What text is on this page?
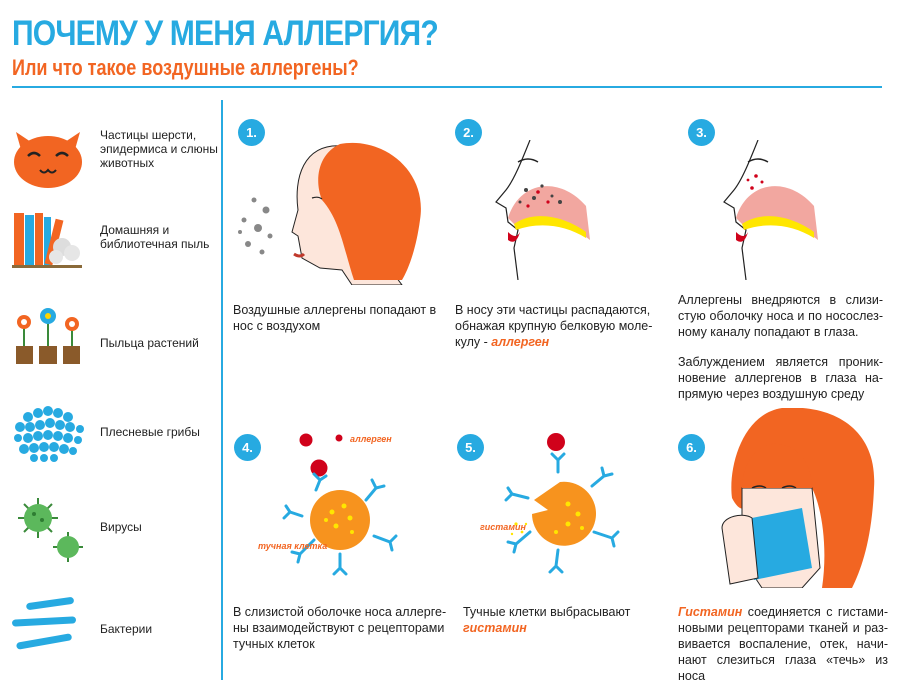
ПОЧЕМУ У МЕНЯ АЛЛЕРГИЯ?
Или что такое воздушные аллергены?
Частицы шерсти, эпидермиса и слюны животных
Домашняя и библиотечная пыль
Пыльца растений
Плесневые грибы
Вирусы
Бактерии
1.	2.	3.
4.	5.	6.
аллерген
тучная клетка
гистамин
Воздушные аллергены попадают в нос с воздухом
В носу эти частицы распадаются, обнажая крупную белковую моле-кулу - аллерген
Аллергены внедряются в слизи-стую оболочку носа и по носослез-ному каналу попадают в глаза.
Заблуждением является проник-новение аллергенов в глаза на-прямую через воздушную среду
В слизистой оболочке носа аллерге-ны взаимодействуют с рецепторами тучных клеток
Тучные клетки выбрасывают
гистамин
Гистамин соединяется с гистами-новыми рецепторами тканей и раз-вивается воспаление, отек, начи-нают слезиться глаза «течь» из носа
